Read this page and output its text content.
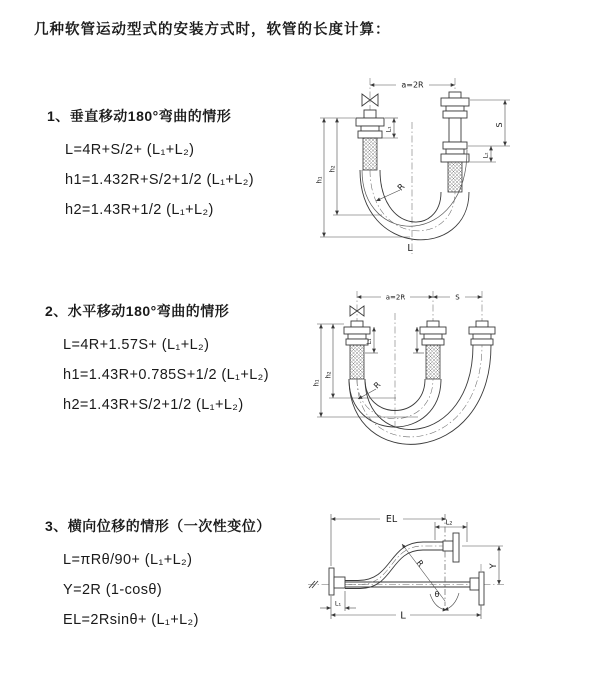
几种软管运动型式的安装方式时，软管的长度计算：
1、垂直移动180°弯曲的情形
L=4R+S/2+ (L₁+L₂)
h1=1.432R+S/2+1/2 (L₁+L₂)
h2=1.43R+1/2 (L₁+L₂)
a=2R
L₁
S
L₂
h₁
h₂
R
L
2、水平移动180°弯曲的情形
L=4R+1.57S+ (L₁+L₂)
h1=1.43R+0.785S+1/2 (L₁+L₂)
h2=1.43R+S/2+1/2 (L₁+L₂)
a=2R	S
L₁
h₁
h₂
R
3、横向位移的情形（一次性变位）
L=πRθ/90+ (L₁+L₂)
Y=2R (1-cosθ)
EL=2Rsinθ+ (L₁+L₂)
EL	L₂
Y
L₁
L
R
θ
